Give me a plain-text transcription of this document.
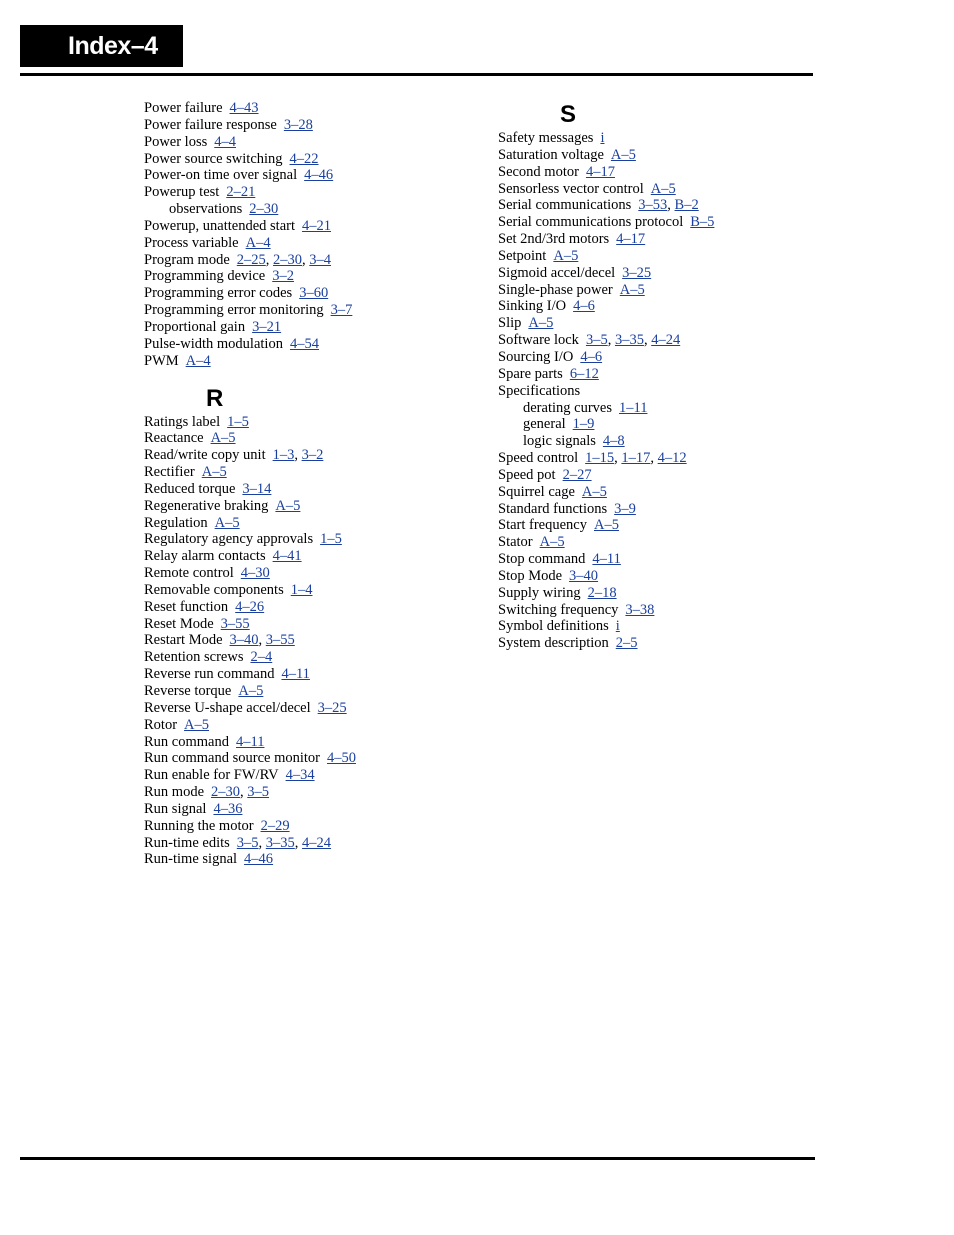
Index–4
Power failure 4–43
Power failure response 3–28
Power loss 4–4
Power source switching 4–22
Power-on time over signal 4–46
Powerup test 2–21
observations 2–30
Powerup, unattended start 4–21
Process variable A–4
Program mode 2–25, 2–30, 3–4
Programming device 3–2
Programming error codes 3–60
Programming error monitoring 3–7
Proportional gain 3–21
Pulse-width modulation 4–54
PWM A–4
R
Ratings label 1–5
Reactance A–5
Read/write copy unit 1–3, 3–2
Rectifier A–5
Reduced torque 3–14
Regenerative braking A–5
Regulation A–5
Regulatory agency approvals 1–5
Relay alarm contacts 4–41
Remote control 4–30
Removable components 1–4
Reset function 4–26
Reset Mode 3–55
Restart Mode 3–40, 3–55
Retention screws 2–4
Reverse run command 4–11
Reverse torque A–5
Reverse U-shape accel/decel 3–25
Rotor A–5
Run command 4–11
Run command source monitor 4–50
Run enable for FW/RV 4–34
Run mode 2–30, 3–5
Run signal 4–36
Running the motor 2–29
Run-time edits 3–5, 3–35, 4–24
Run-time signal 4–46
S
Safety messages i
Saturation voltage A–5
Second motor 4–17
Sensorless vector control A–5
Serial communications 3–53, B–2
Serial communications protocol B–5
Set 2nd/3rd motors 4–17
Setpoint A–5
Sigmoid accel/decel 3–25
Single-phase power A–5
Sinking I/O 4–6
Slip A–5
Software lock 3–5, 3–35, 4–24
Sourcing I/O 4–6
Spare parts 6–12
Specifications
derating curves 1–11
general 1–9
logic signals 4–8
Speed control 1–15, 1–17, 4–12
Speed pot 2–27
Squirrel cage A–5
Standard functions 3–9
Start frequency A–5
Stator A–5
Stop command 4–11
Stop Mode 3–40
Supply wiring 2–18
Switching frequency 3–38
Symbol definitions i
System description 2–5
